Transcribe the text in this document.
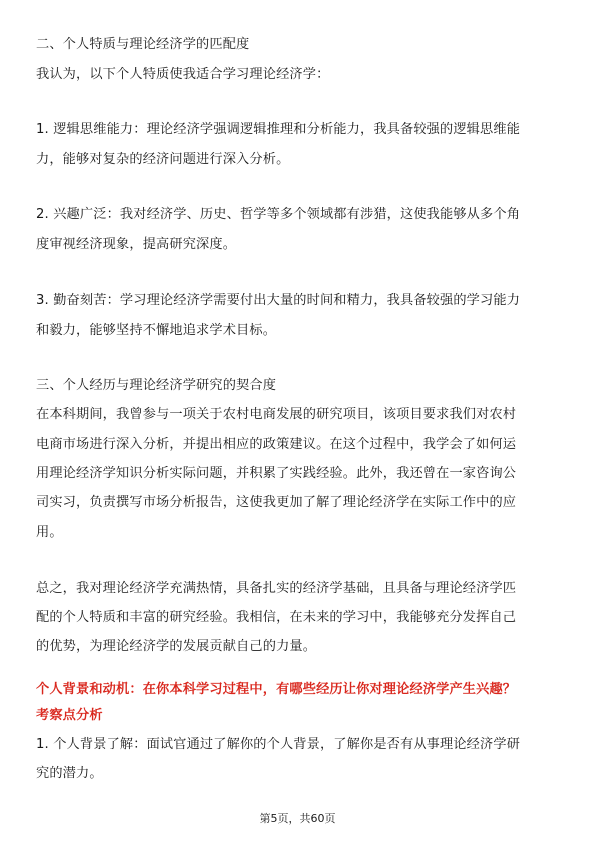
二、个人特质与理论经济学的匹配度
我认为，以下个人特质使我适合学习理论经济学：
1. 逻辑思维能力：理论经济学强调逻辑推理和分析能力，我具备较强的逻辑思维能
力，能够对复杂的经济问题进行深入分析。
2. 兴趣广泛：我对经济学、历史、哲学等多个领域都有涉猎，这使我能够从多个角
度审视经济现象，提高研究深度。
3. 勤奋刻苦：学习理论经济学需要付出大量的时间和精力，我具备较强的学习能力
和毅力，能够坚持不懈地追求学术目标。
三、个人经历与理论经济学研究的契合度
在本科期间，我曾参与一项关于农村电商发展的研究项目，该项目要求我们对农村
电商市场进行深入分析，并提出相应的政策建议。在这个过程中，我学会了如何运
用理论经济学知识分析实际问题，并积累了实践经验。此外，我还曾在一家咨询公
司实习，负责撰写市场分析报告，这使我更加了解了理论经济学在实际工作中的应
用。
总之，我对理论经济学充满热情，具备扎实的经济学基础，且具备与理论经济学匹
配的个人特质和丰富的研究经验。我相信，在未来的学习中，我能够充分发挥自己
的优势，为理论经济学的发展贡献自己的力量。
个人背景和动机：在你本科学习过程中，有哪些经历让你对理论经济学产生兴趣？
考察点分析
1. 个人背景了解：面试官通过了解你的个人背景，了解你是否有从事理论经济学研
究的潜力。
第5页，共60页
